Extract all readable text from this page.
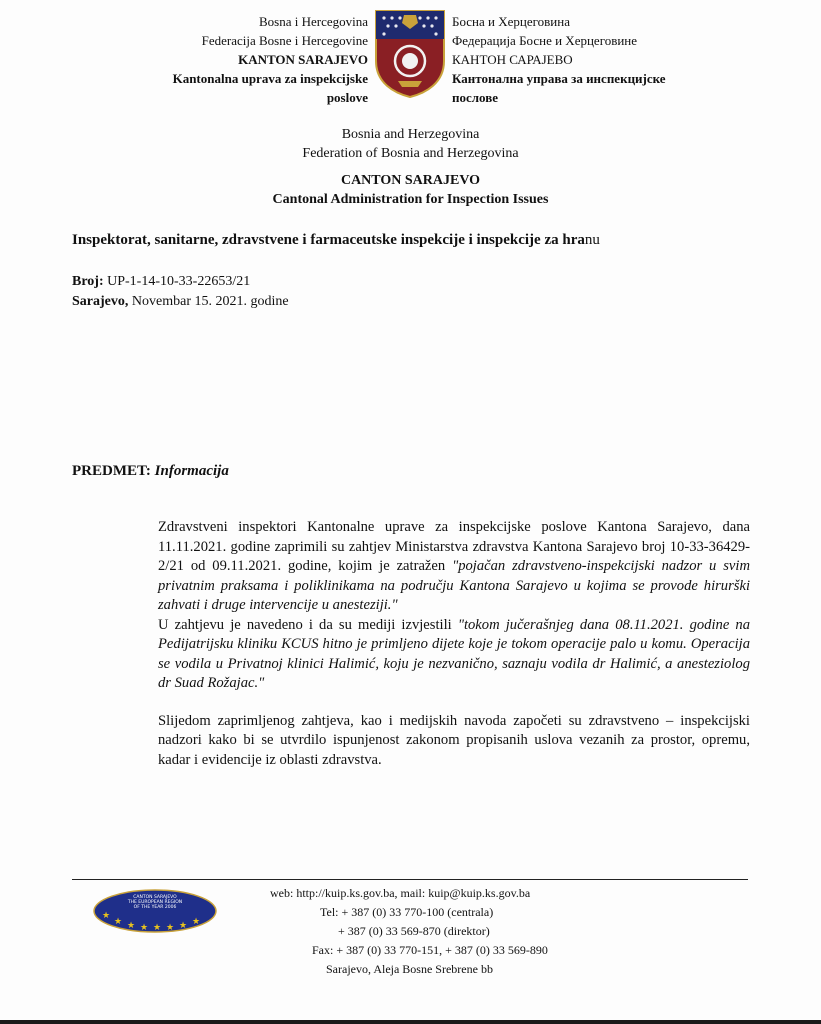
Bosna i Hercegovina
Federacija Bosne i Hercegovine
KANTON SARAJEVO
Kantonalna uprava za inspekcijske
poslove
Босна и Херцеговина
Федерација Босне и Херцеговине
КАНТОН САРАЈЕВО
Кантонална управа за инспекцијске
послове
Bosnia and Herzegovina
Federation of Bosnia and Herzegovina
CANTON SARAJEVO
Cantonal Administration for Inspection Issues
Inspektorat, sanitarne, zdravstvene i farmaceutske inspekcije i inspekcije za hranu
Broj: UP-1-14-10-33-22653/21
Sarajevo, Novembar 15. 2021. godine
PREDMET: Informacija

Zdravstveni inspektori Kantonalne uprave za inspekcijske poslove Kantona Sarajevo, dana 11.11.2021. godine zaprimili su zahtjev Ministarstva zdravstva Kantona Sarajevo broj 10-33-36429-2/21 od 09.11.2021. godine, kojim je zatražen "pojačan zdravstveno-inspekcijski nadzor u svim privatnim praksama i poliklinikama na području Kantona Sarajevo u kojima se provode hirurški zahvati i druge intervencije u anesteziji."
U zahtjevu je navedeno i da su mediji izvjestili "tokom jučerašnjeg dana 08.11.2021. godine na Pedijatrijsku kliniku KCUS hitno je primljeno dijete koje je tokom operacije palo u komu. Operacija se vodila u Privatnoj klinici Halimić, koju je nezvanično, saznaju vodila dr Halimić, a anesteziolog dr Suad Rožajac."

Slijedom zaprimljenog zahtjeva, kao i medijskih navoda započeti su zdravstveno – inspekcijski nadzori kako bi se utvrdilo ispunjenost zakonom propisanih uslova vezanih za prostor, opremu, kadar i evidencije iz oblasti zdravstva.

CANTON SARAJEVO
THE EUROPEAN REGION
OF THE YEAR 2006
★
★ ★ ★ ★ ★ ★ ★
web: http://kuip.ks.gov.ba, mail: kuip@kuip.ks.gov.ba
Tel: + 387 (0) 33 770-100 (centrala)
+ 387 (0) 33 569-870 (direktor)
Fax: + 387 (0) 33 770-151, + 387 (0) 33 569-890
Sarajevo, Aleja Bosne Srebrene bb
